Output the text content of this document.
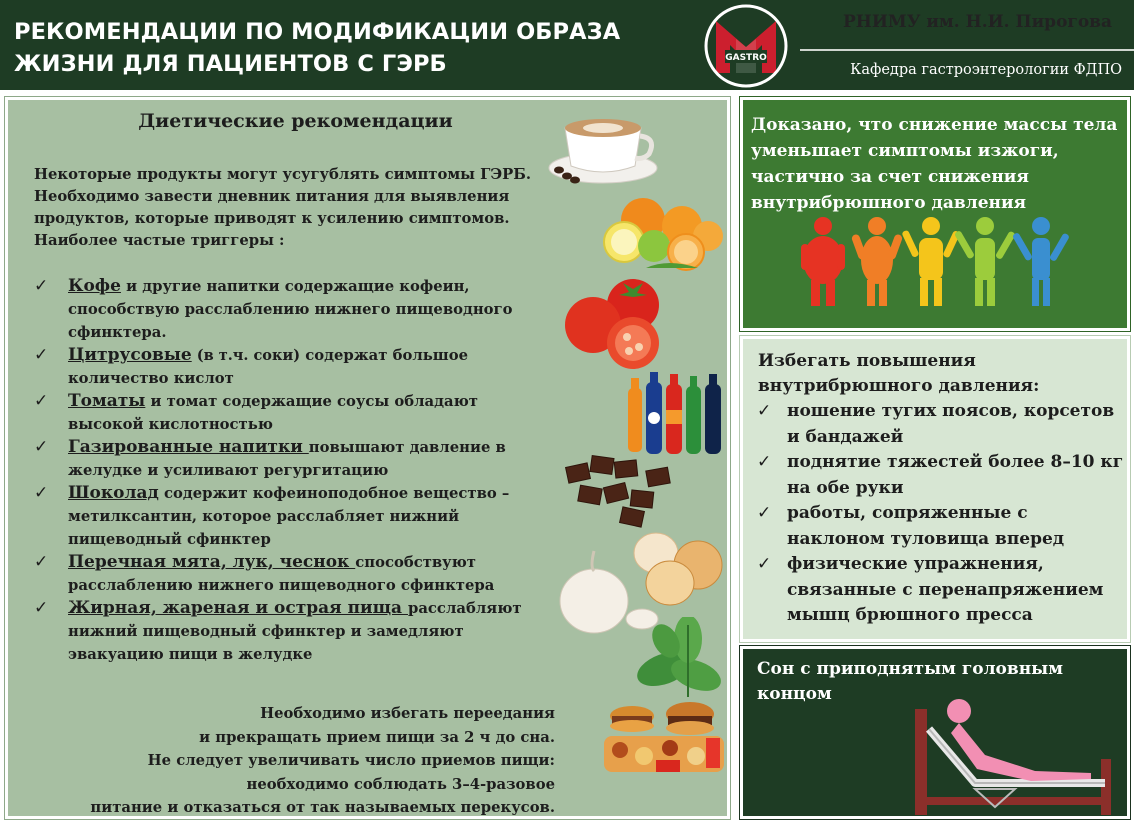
РЕКОМЕНДАЦИИ ПО МОДИФИКАЦИИ ОБРАЗА
ЖИЗНИ ДЛЯ ПАЦИЕНТОВ С ГЭРБ	GASTRO
РНИМУ им. Н.И. Пирогова
Кафедра гастроэнтерологии ФДПО
Диетические рекомендации
Некоторые продукты могут усугублять симптомы ГЭРБ. Необходимо завести дневник питания для выявления продуктов, которые приводят к усилению симптомов. Наиболее частые триггеры :
✓ Кофе и другие напитки содержащие кофеин, способствую расслаблению нижнего пищеводного сфинктера.
✓ Цитрусовые (в т.ч. соки) содержат большое количество кислот
✓ Томаты и томат содержащие соусы обладают высокой кислотностью
✓ Газированные напитки повышают давление в желудке и усиливают регургитацию
✓ Шоколад содержит кофеиноподобное вещество – метилксантин, которое расслабляет нижний пищеводный сфинктер
✓ Перечная мята, лук, чеснок способствуют расслаблению нижнего пищеводного сфинктера
✓ Жирная, жареная и острая пища расслабляют нижний пищеводный сфинктер и замедляют эвакуацию пищи в желудке
Необходимо избегать переедания
и прекращать прием пищи за 2 ч до сна.
Не следует увеличивать число приемов пищи:
необходимо соблюдать 3–4-разовое
питание и отказаться от так называемых перекусов.
Доказано, что снижение массы тела уменьшает симптомы изжоги, частично за счет снижения внутрибрюшного давления
Избегать повышения внутрибрюшного давления:
✓ ношение тугих поясов, корсетов и бандажей
✓ поднятие тяжестей более 8–10 кг на обе руки
✓ работы, сопряженные с наклоном туловища вперед
✓ физические упражнения, связанные с перенапряжением мышц брюшного пресса
Сон с приподнятым головным концом
